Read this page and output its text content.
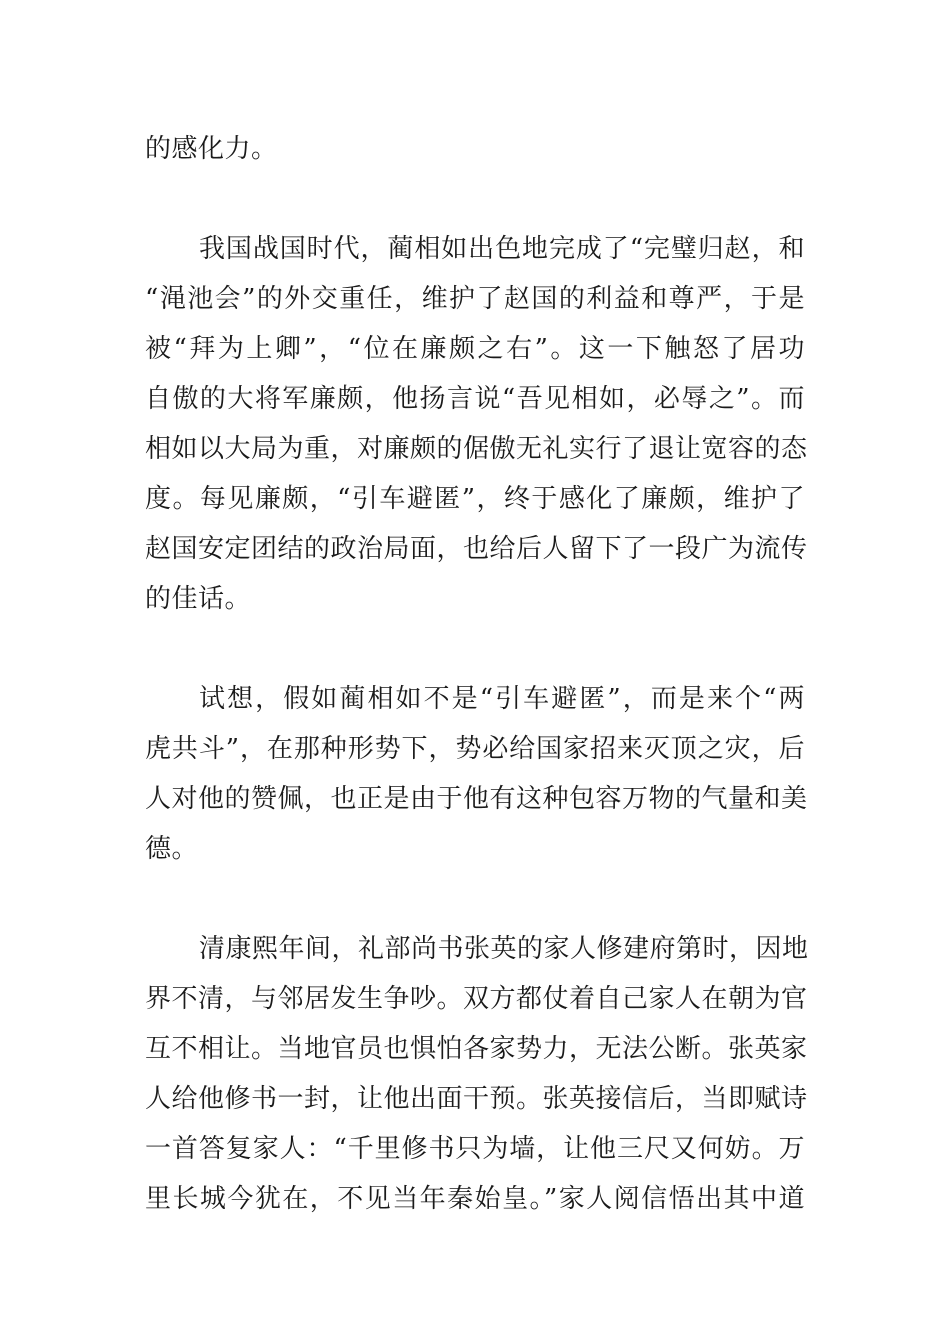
的感化力。
我国战国时代，蔺相如出色地完成了“完璧归赵，和
“渑池会”的外交重任，维护了赵国的利益和尊严，于是
被“拜为上卿”，“位在廉颇之右”。这一下触怒了居功
自傲的大将军廉颇，他扬言说“吾见相如，必辱之”。而
相如以大局为重，对廉颇的倨傲无礼实行了退让宽容的态
度。每见廉颇，“引车避匿”，终于感化了廉颇，维护了
赵国安定团结的政治局面，也给后人留下了一段广为流传
的佳话。
试想，假如蔺相如不是“引车避匿”，而是来个“两
虎共斗”，在那种形势下，势必给国家招来灭顶之灾，后
人对他的赞佩，也正是由于他有这种包容万物的气量和美
德。
清康熙年间，礼部尚书张英的家人修建府第时，因地
界不清，与邻居发生争吵。双方都仗着自己家人在朝为官
互不相让。当地官员也惧怕各家势力，无法公断。张英家
人给他修书一封，让他出面干预。张英接信后，当即赋诗
一首答复家人：“千里修书只为墙，让他三尺又何妨。万
里长城今犹在，不见当年秦始皇。”家人阅信悟出其中道
